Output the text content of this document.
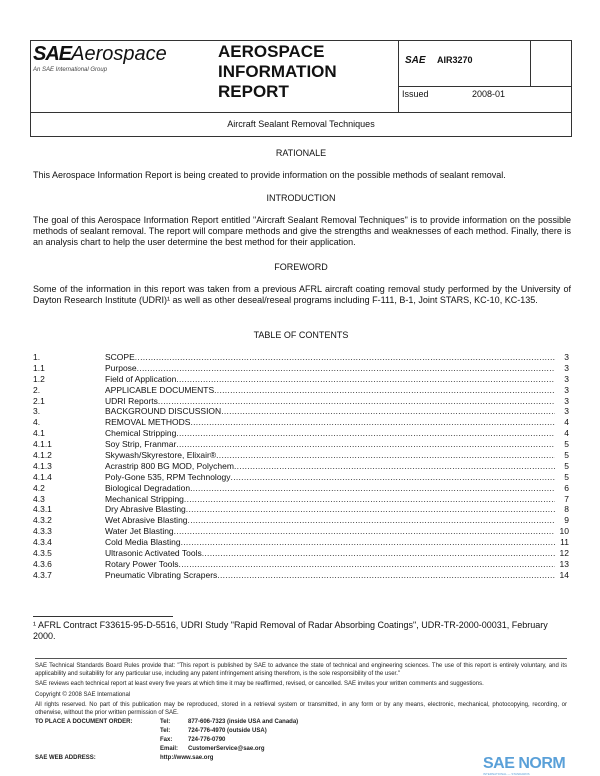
SAEAerospace
An SAE International Group
AEROSPACE
INFORMATION
REPORT
SAE AIR3270
Issued	2008-01
Aircraft Sealant Removal Techniques
RATIONALE
This Aerospace Information Report is being created to provide information on the possible methods of sealant removal.
INTRODUCTION
The goal of this Aerospace Information Report entitled "Aircraft Sealant Removal Techniques" is to provide information on the possible methods of sealant removal. The report will compare methods and give the strengths and weaknesses of each method. Finally, there is an analysis chart to help the user determine the best method for their application.
FOREWORD
Some of the information in this report was taken from a previous AFRL aircraft coating removal study performed by the University of Dayton Research Institute (UDRI)¹ as well as other deseal/reseal programs including F-111, B-1, Joint STARS, KC-10, KC-135.
TABLE OF CONTENTS
1.	SCOPE .....	3
1.1	Purpose .....	3
1.2	Field of Application .....	3
2.	APPLICABLE DOCUMENTS .....	3
2.1	UDRI Reports .....	3
3.	BACKGROUND DISCUSSION .....	3
4.	REMOVAL METHODS .....	4
4.1	Chemical Stripping .....	4
4.1.1	Soy Strip, Franmar .....	5
4.1.2	Skywash/Skyrestore, Elixair® .....	5
4.1.3	Acrastrip 800 BG MOD, Polychem .....	5
4.1.4	Poly-Gone 535, RPM Technology .....	5
4.2	Biological Degradation .....	6
4.3	Mechanical Stripping .....	7
4.3.1	Dry Abrasive Blasting .....	8
4.3.2	Wet Abrasive Blasting .....	9
4.3.3	Water Jet Blasting .....	10
4.3.4	Cold Media Blasting .....	11
4.3.5	Ultrasonic Activated Tools .....	12
4.3.6	Rotary Power Tools .....	13
4.3.7	Pneumatic Vibrating Scrapers .....	14
¹ AFRL Contract F33615-95-D-5516, UDRI Study "Rapid Removal of Radar Absorbing Coatings", UDR-TR-2000-00031, February 2000.
SAE Technical Standards Board Rules provide that: "This report is published by SAE to advance the state of technical and engineering sciences. The use of this report is entirely voluntary, and its applicability and suitability for any particular use, including any patent infringement arising therefrom, is the sole responsibility of the user."
SAE reviews each technical report at least every five years at which time it may be reaffirmed, revised, or cancelled. SAE invites your written comments and suggestions.
Copyright © 2008 SAE International
All rights reserved. No part of this publication may be reproduced, stored in a retrieval system or transmitted, in any form or by any means, electronic, mechanical, photocopying, recording, or otherwise, without the prior written permission of SAE.
TO PLACE A DOCUMENT ORDER:	Tel:	877-606-7323 (inside USA and Canada)
Tel:	724-776-4970 (outside USA)
Fax:	724-776-0790
Email: CustomerService@sae.org
SAE WEB ADDRESS:	http://www.sae.org	SAE NORM
INTERNATIONAL — STANDARDS
